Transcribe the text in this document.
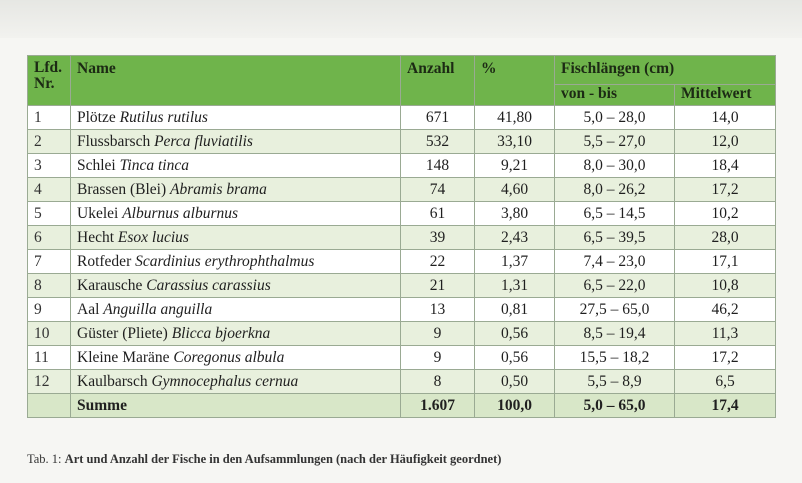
Lfd. Nr.	Name	Anzahl	%	Fischlängen (cm)	
				von - bis	Mittelwert
1	Plötze Rutilus rutilus	671	41,80	5,0 – 28,0	14,0
2	Flussbarsch Perca fluviatilis	532	33,10	5,5 – 27,0	12,0
3	Schlei Tinca tinca	148	9,21	8,0 – 30,0	18,4
4	Brassen (Blei) Abramis brama	74	4,60	8,0 – 26,2	17,2
5	Ukelei Alburnus alburnus	61	3,80	6,5 – 14,5	10,2
6	Hecht Esox lucius	39	2,43	6,5 – 39,5	28,0
7	Rotfeder Scardinius erythrophthalmus	22	1,37	7,4 – 23,0	17,1
8	Karausche Carassius carassius	21	1,31	6,5 – 22,0	10,8
9	Aal Anguilla anguilla	13	0,81	27,5 – 65,0	46,2
10	Güster (Pliete) Blicca bjoerkna	9	0,56	8,5 – 19,4	11,3
11	Kleine Maräne Coregonus albula	9	0,56	15,5 – 18,2	17,2
12	Kaulbarsch Gymnocephalus cernua	8	0,50	5,5 – 8,9	6,5
	Summe	1.607	100,0	5,0 – 65,0	17,4
Tab. 1: Art und Anzahl der Fische in den Aufsammlungen (nach der Häufigkeit geordnet)
